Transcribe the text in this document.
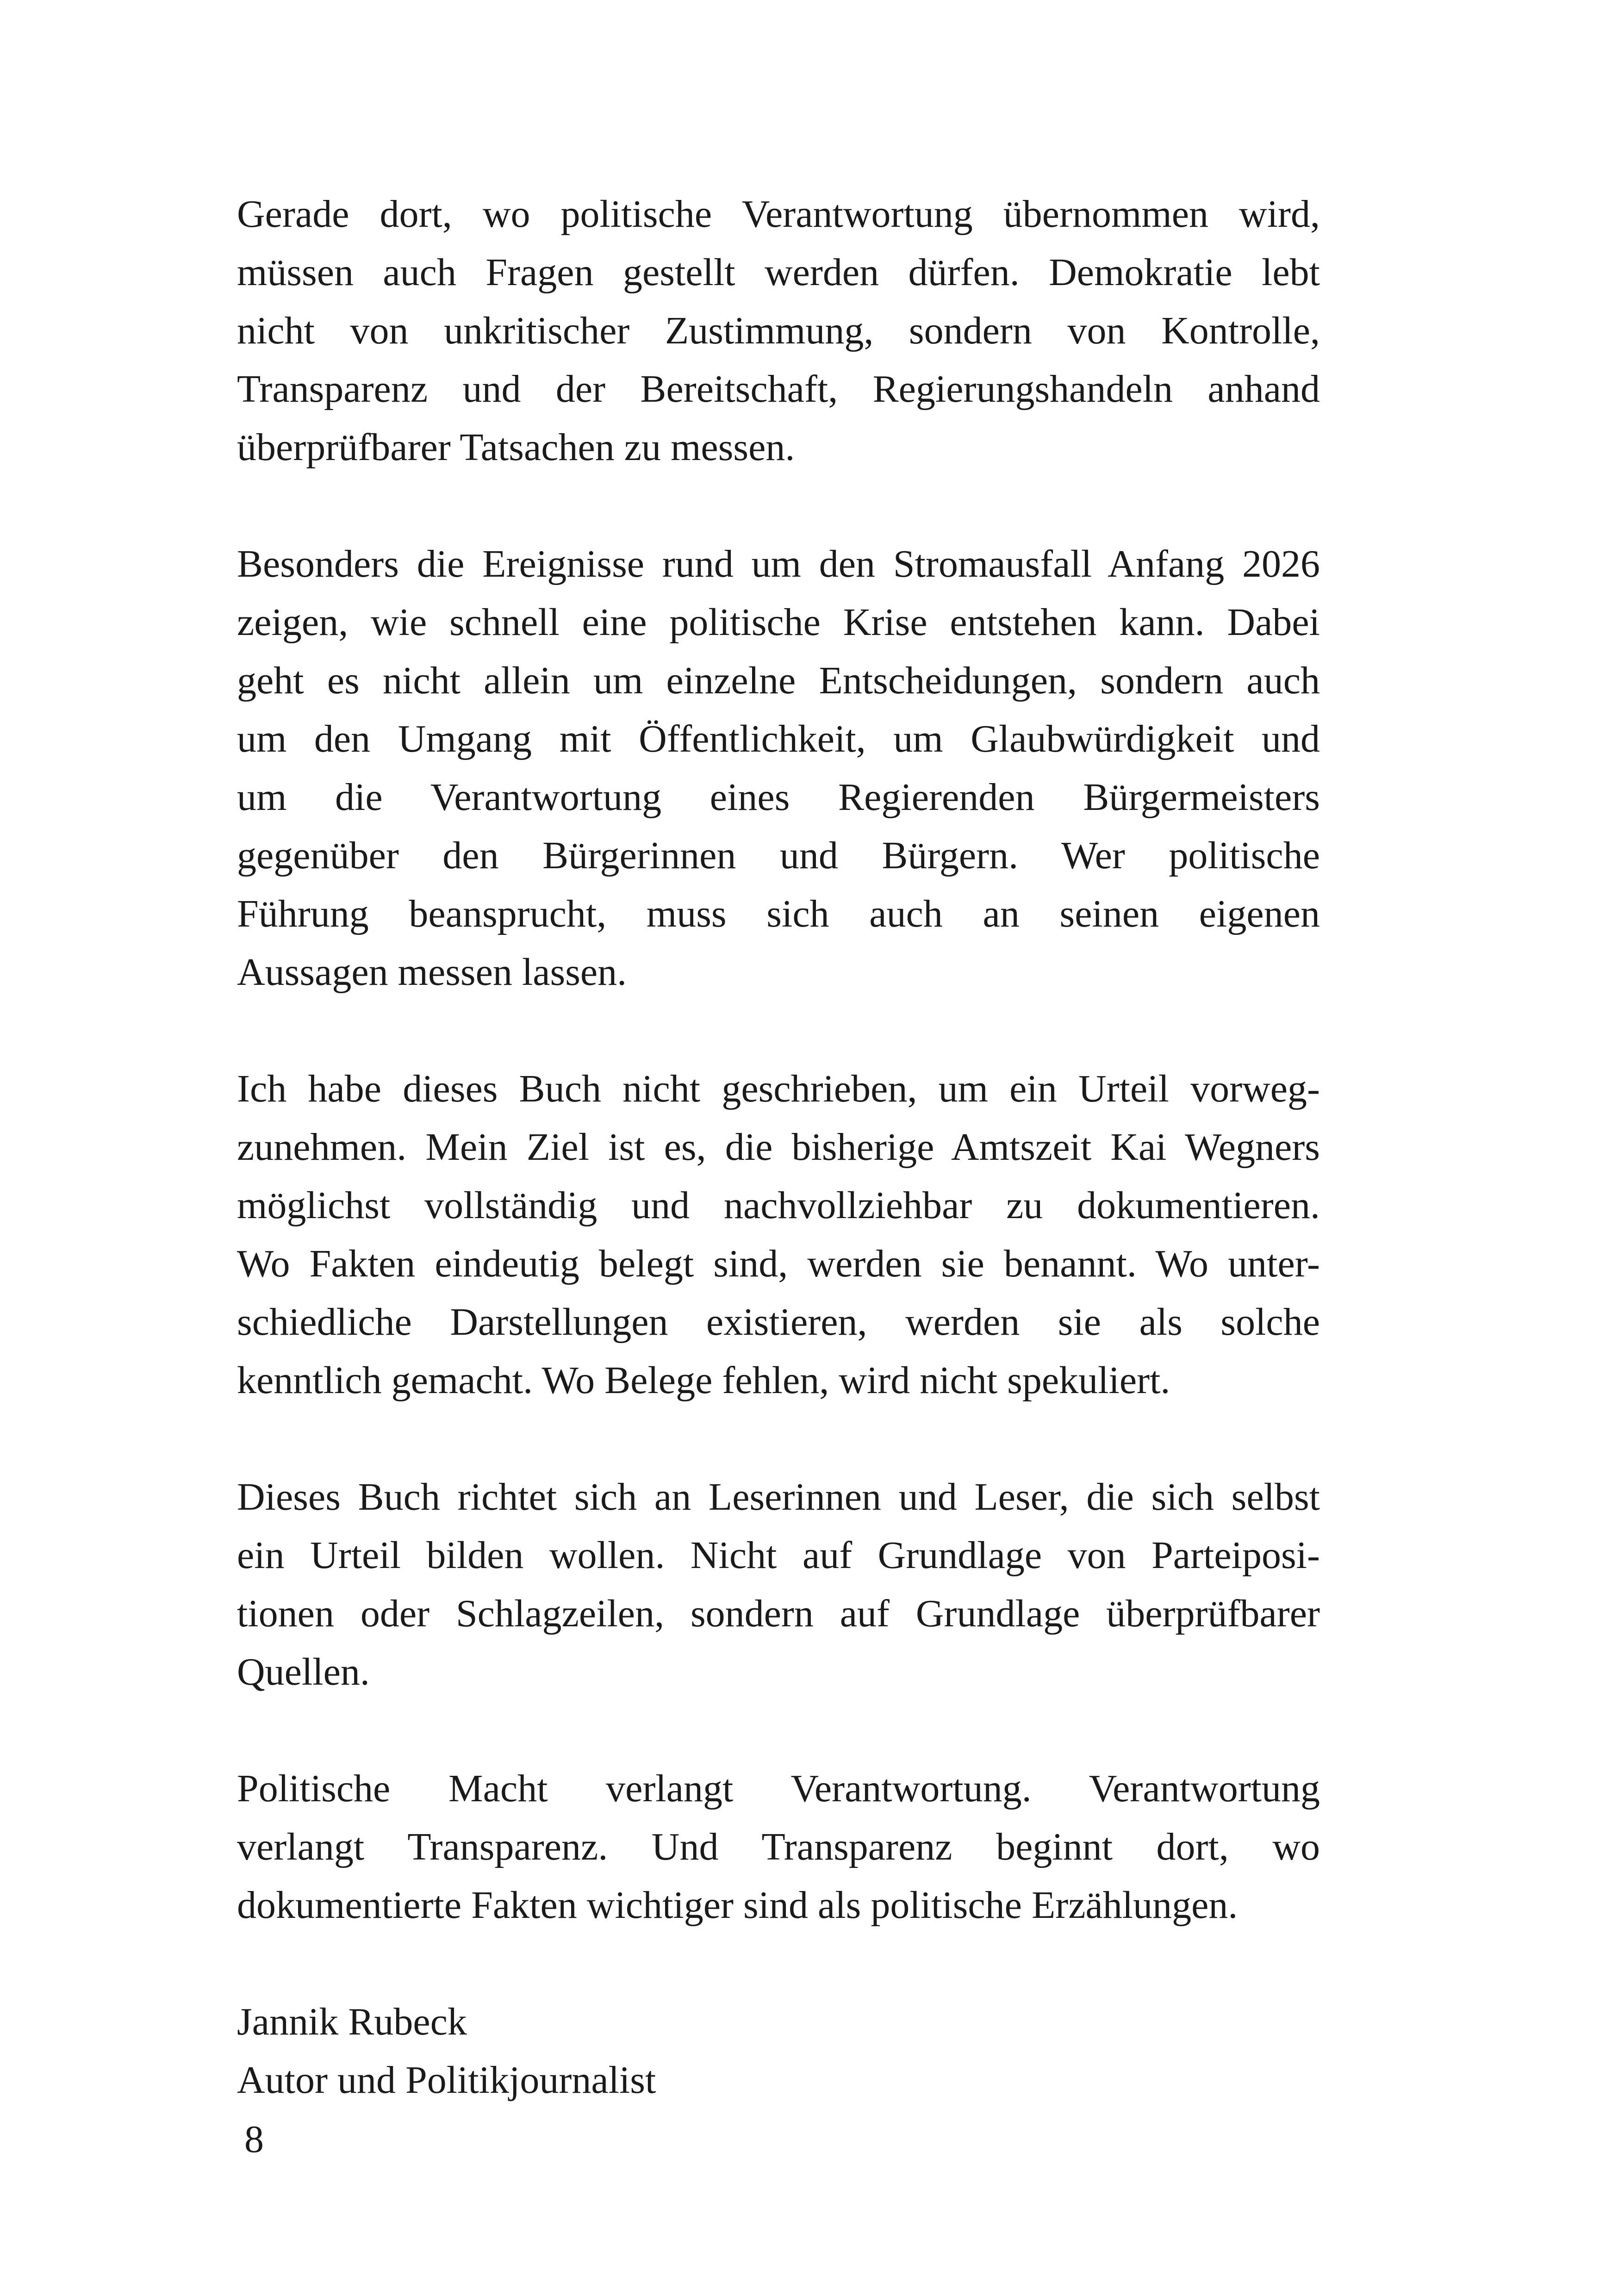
Gerade dort, wo politische Verantwortung übernommen wird,
müssen auch Fragen gestellt werden dürfen. Demokratie lebt
nicht von unkritischer Zustimmung, sondern von Kontrolle,
Transparenz und der Bereitschaft, Regierungshandeln anhand
überprüfbarer Tatsachen zu messen.

Besonders die Ereignisse rund um den Stromausfall Anfang 2026
zeigen, wie schnell eine politische Krise entstehen kann. Dabei
geht es nicht allein um einzelne Entscheidungen, sondern auch
um den Umgang mit Öffentlichkeit, um Glaubwürdigkeit und
um die Verantwortung eines Regierenden Bürgermeisters
gegenüber den Bürgerinnen und Bürgern. Wer politische
Führung beansprucht, muss sich auch an seinen eigenen
Aussagen messen lassen.

Ich habe dieses Buch nicht geschrieben, um ein Urteil vorweg-
zunehmen. Mein Ziel ist es, die bisherige Amtszeit Kai Wegners
möglichst vollständig und nachvollziehbar zu dokumentieren.
Wo Fakten eindeutig belegt sind, werden sie benannt. Wo unter-
schiedliche Darstellungen existieren, werden sie als solche
kenntlich gemacht. Wo Belege fehlen, wird nicht spekuliert.

Dieses Buch richtet sich an Leserinnen und Leser, die sich selbst
ein Urteil bilden wollen. Nicht auf Grundlage von Parteiposi-
tionen oder Schlagzeilen, sondern auf Grundlage überprüfbarer
Quellen.

Politische Macht verlangt Verantwortung. Verantwortung
verlangt Transparenz. Und Transparenz beginnt dort, wo
dokumentierte Fakten wichtiger sind als politische Erzählungen.

Jannik Rubeck
Autor und Politikjournalist
8
